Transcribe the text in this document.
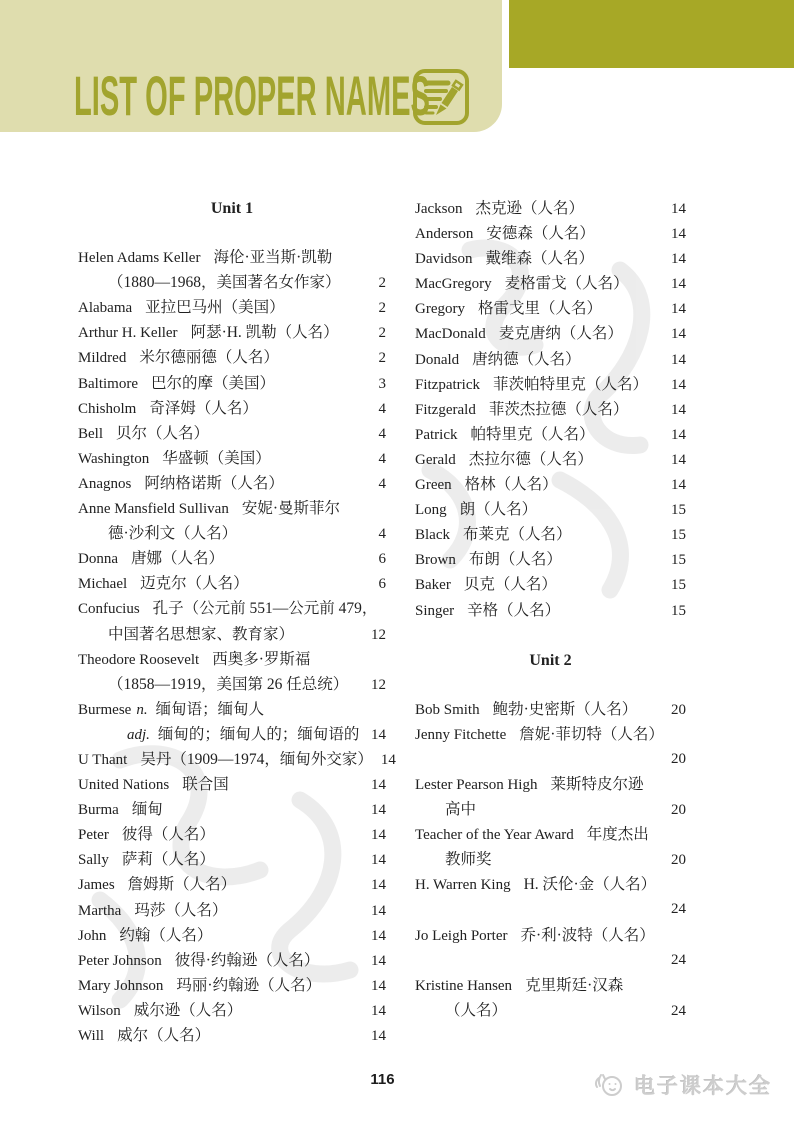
LIST OF PROPER NAMES
Unit 1
Helen Adams Keller 海伦·亚当斯·凯勒
（1880—1968，美国著名女作家）	2
Alabama 亚拉巴马州（美国）	2
Arthur H. Keller 阿瑟·H. 凯勒（人名）	2
Mildred 米尔德丽德（人名）	2
Baltimore 巴尔的摩（美国）	3
Chisholm 奇泽姆（人名）	4
Bell 贝尔（人名）	4
Washington 华盛顿（美国）	4
Anagnos 阿纳格诺斯（人名）	4
Anne Mansfield Sullivan 安妮·曼斯菲尔
德·沙利文（人名）	4
Donna 唐娜（人名）	6
Michael 迈克尔（人名）	6
Confucius 孔子（公元前 551—公元前 479，
中国著名思想家、教育家）	12
Theodore Roosevelt 西奥多·罗斯福
（1858—1919，美国第 26 任总统）	12
Burmese n. 缅甸语；缅甸人
adj. 缅甸的；缅甸人的；缅甸语的 14
U Thant 吴丹（1909—1974，缅甸外交家） 14
United Nations 联合国	14
Burma 缅甸	14
Peter 彼得（人名）	14
Sally 萨莉（人名）	14
James 詹姆斯（人名）	14
Martha 玛莎（人名）	14
John 约翰（人名）	14
Peter Johnson 彼得·约翰逊（人名）	14
Mary Johnson 玛丽·约翰逊（人名）	14
Wilson 威尔逊（人名）	14
Will 威尔（人名）	14
Jackson 杰克逊（人名）	14
Anderson 安德森（人名）	14
Davidson 戴维森（人名）	14
MacGregory 麦格雷戈（人名）	14
Gregory 格雷戈里（人名）	14
MacDonald 麦克唐纳（人名）	14
Donald 唐纳德（人名）	14
Fitzpatrick 菲茨帕特里克（人名）	14
Fitzgerald 菲茨杰拉德（人名）	14
Patrick 帕特里克（人名）	14
Gerald 杰拉尔德（人名）	14
Green 格林（人名）	14
Long 朗（人名）	15
Black 布莱克（人名）	15
Brown 布朗（人名）	15
Baker 贝克（人名）	15
Singer 辛格（人名）	15
Unit 2
Bob Smith 鲍勃·史密斯（人名）	20
Jenny Fitchette 詹妮·菲切特（人名）
20
Lester Pearson High 莱斯特皮尔逊
高中	20
Teacher of the Year Award 年度杰出
教师奖	20
H. Warren King H. 沃伦·金（人名）
24
Jo Leigh Porter 乔·利·波特（人名）
24
Kristine Hansen 克里斯廷·汉森
（人名）	24
116	电子课本大全
